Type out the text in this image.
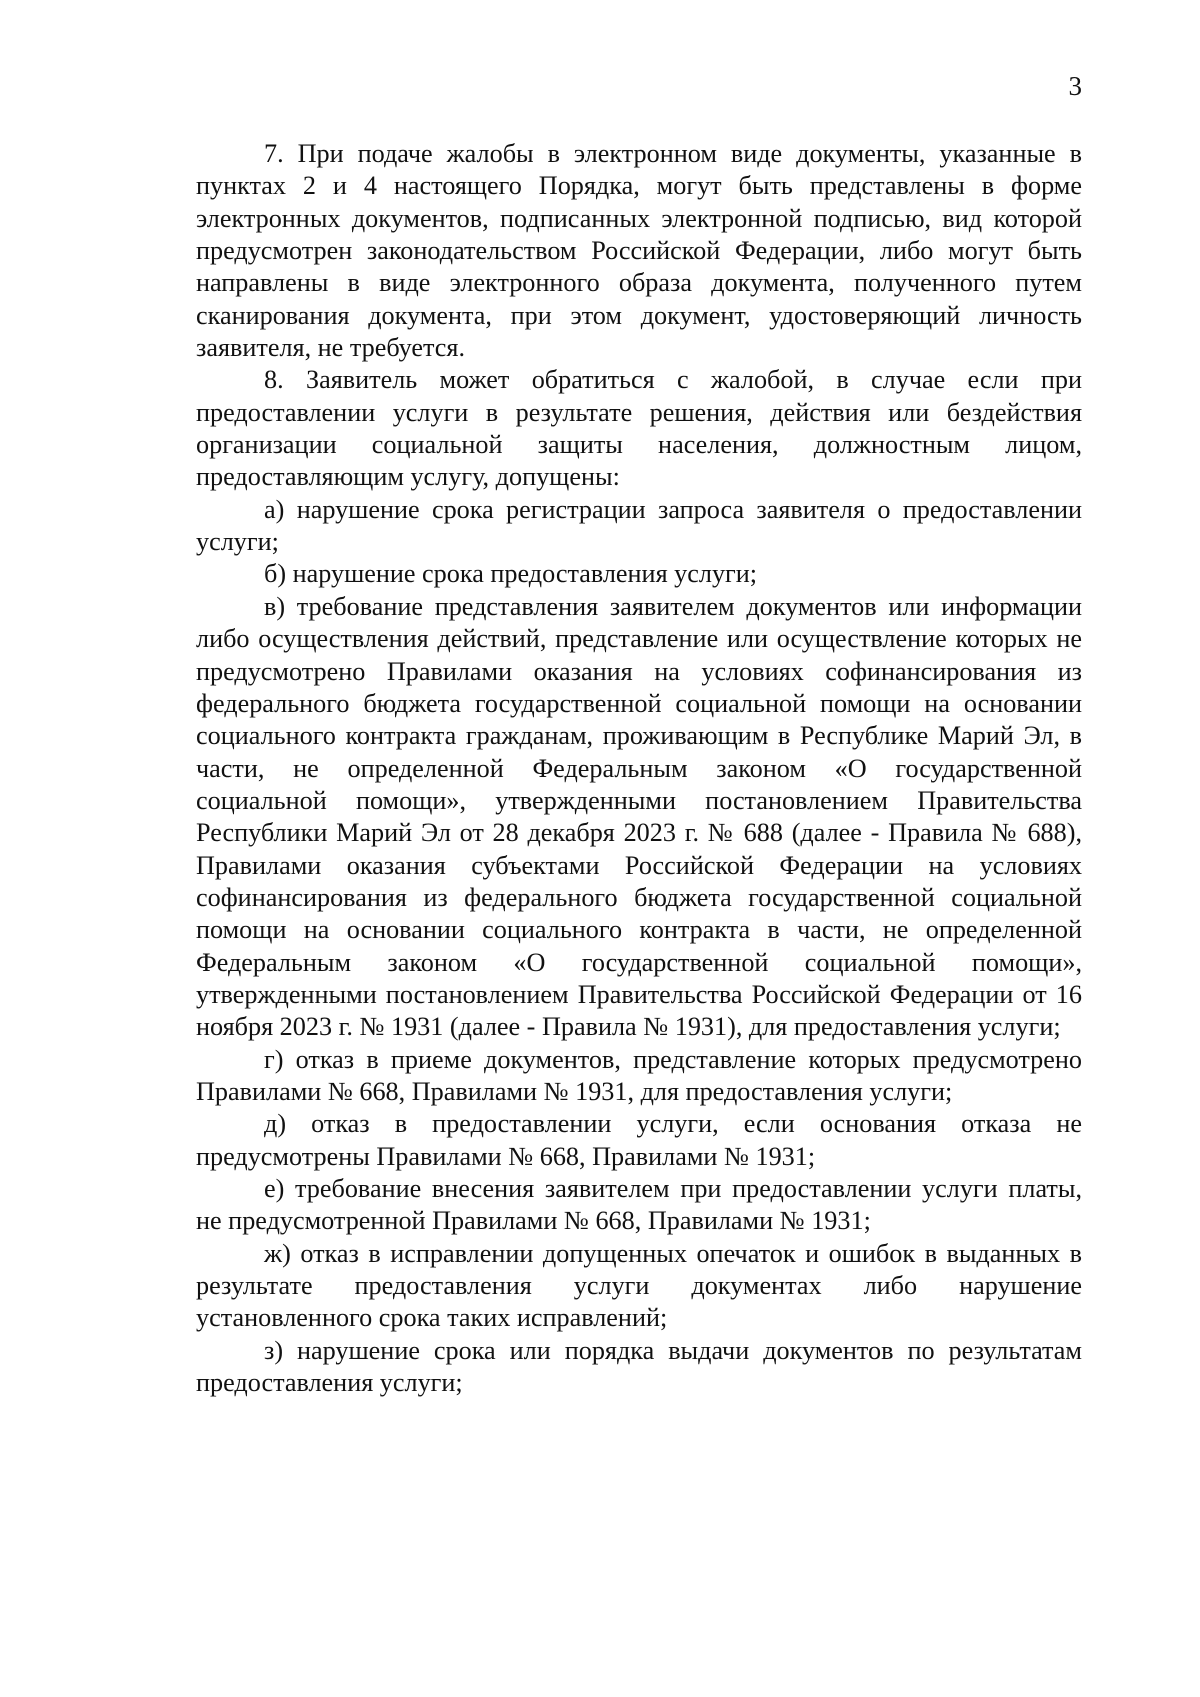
3

7. При подаче жалобы в электронном виде документы, указанные в пунктах 2 и 4 настоящего Порядка, могут быть представлены в форме электронных документов, подписанных электронной подписью, вид которой предусмотрен законодательством Российской Федерации, либо могут быть направлены в виде электронного образа документа, полученного путем сканирования документа, при этом документ, удостоверяющий личность заявителя, не требуется.

8. Заявитель может обратиться с жалобой, в случае если при предоставлении услуги в результате решения, действия или бездействия организации социальной защиты населения, должностным лицом, предоставляющим услугу, допущены:

а) нарушение срока регистрации запроса заявителя о предоставлении услуги;

б) нарушение срока предоставления услуги;

в) требование представления заявителем документов или информации либо осуществления действий, представление или осуществление которых не предусмотрено Правилами оказания на условиях софинансирования из федерального бюджета государственной социальной помощи на основании социального контракта гражданам, проживающим в Республике Марий Эл, в части, не определенной Федеральным законом «О государственной социальной помощи», утвержденными постановлением Правительства Республики Марий Эл от 28 декабря 2023 г. № 688 (далее - Правила № 688), Правилами оказания субъектами Российской Федерации на условиях софинансирования из федерального бюджета государственной социальной помощи на основании социального контракта в части, не определенной Федеральным законом «О государственной социальной помощи», утвержденными постановлением Правительства Российской Федерации от 16 ноября 2023 г. № 1931 (далее - Правила № 1931), для предоставления услуги;

г) отказ в приеме документов, представление которых предусмотрено Правилами № 668, Правилами № 1931, для предоставления услуги;

д) отказ в предоставлении услуги, если основания отказа не предусмотрены Правилами № 668, Правилами № 1931;

е) требование внесения заявителем при предоставлении услуги платы, не предусмотренной Правилами № 668, Правилами № 1931;

ж) отказ в исправлении допущенных опечаток и ошибок в выданных в результате предоставления услуги документах либо нарушение установленного срока таких исправлений;

з) нарушение срока или порядка выдачи документов по результатам предоставления услуги;
